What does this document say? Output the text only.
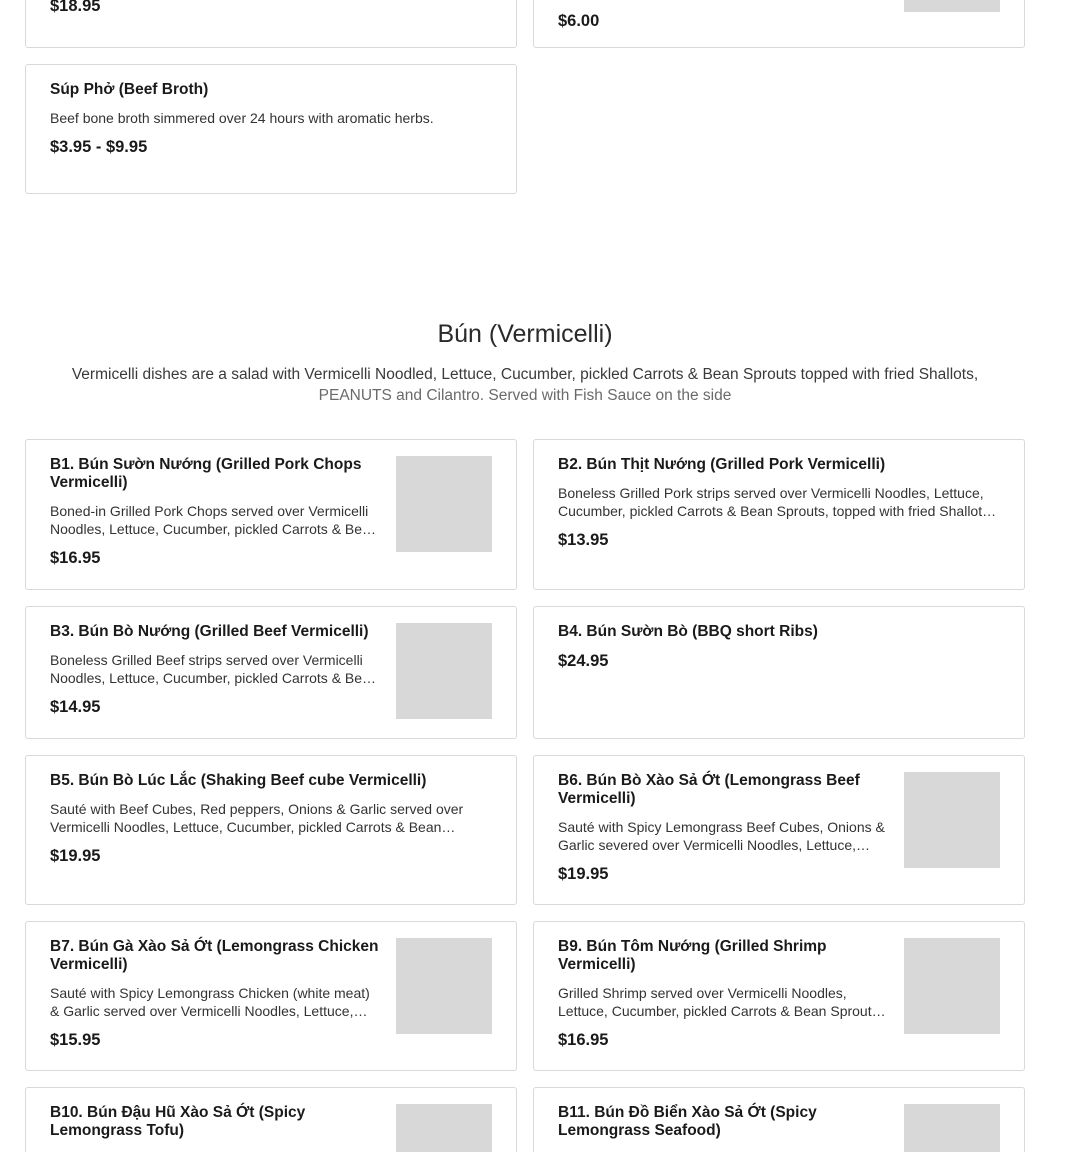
$18.95
$6.00
Súp Phở (Beef Broth)
Beef bone broth simmered over 24 hours with aromatic herbs.
$3.95 - $9.95
Bún (Vermicelli)
Vermicelli dishes are a salad with Vermicelli Noodled, Lettuce, Cucumber, pickled Carrots & Bean Sprouts topped with fried Shallots,
PEANUTS and Cilantro. Served with Fish Sauce on the side
B1. Bún Sườn Nướng (Grilled Pork Chops Vermicelli)
Boned-in Grilled Pork Chops served over Vermicelli Noodles, Lettuce, Cucumber, pickled Carrots & Bean
$16.95
B2. Bún Thịt Nướng (Grilled Pork Vermicelli)
Boneless Grilled Pork strips served over Vermicelli Noodles, Lettuce, Cucumber, pickled Carrots & Bean Sprouts, topped with fried Shallots,
$13.95
B3. Bún Bò Nướng (Grilled Beef Vermicelli)
Boneless Grilled Beef strips served over Vermicelli Noodles, Lettuce, Cucumber, pickled Carrots & Bean
$14.95
B4. Bún Sườn Bò (BBQ short Ribs)
$24.95
B5. Bún Bò Lúc Lắc (Shaking Beef cube Vermicelli)
Sauté with Beef Cubes, Red peppers, Onions & Garlic served over Vermicelli Noodles, Lettuce, Cucumber, pickled Carrots & Bean
$19.95
B6. Bún Bò Xào Sả Ớt (Lemongrass Beef Vermicelli)
Sauté with Spicy Lemongrass Beef Cubes, Onions & Garlic severed over Vermicelli Noodles, Lettuce,
$19.95
B7. Bún Gà Xào Sả Ớt (Lemongrass Chicken Vermicelli)
Sauté with Spicy Lemongrass Chicken (white meat) & Garlic served over Vermicelli Noodles, Lettuce,
$15.95
B9. Bún Tôm Nướng (Grilled Shrimp Vermicelli)
Grilled Shrimp served over Vermicelli Noodles, Lettuce, Cucumber, pickled Carrots & Bean Sprouts,
$16.95
B10. Bún Đậu Hũ Xào Sả Ớt (Spicy Lemongrass Tofu)
B11. Bún Đồ Biển Xào Sả Ớt (Spicy Lemongrass Seafood)
